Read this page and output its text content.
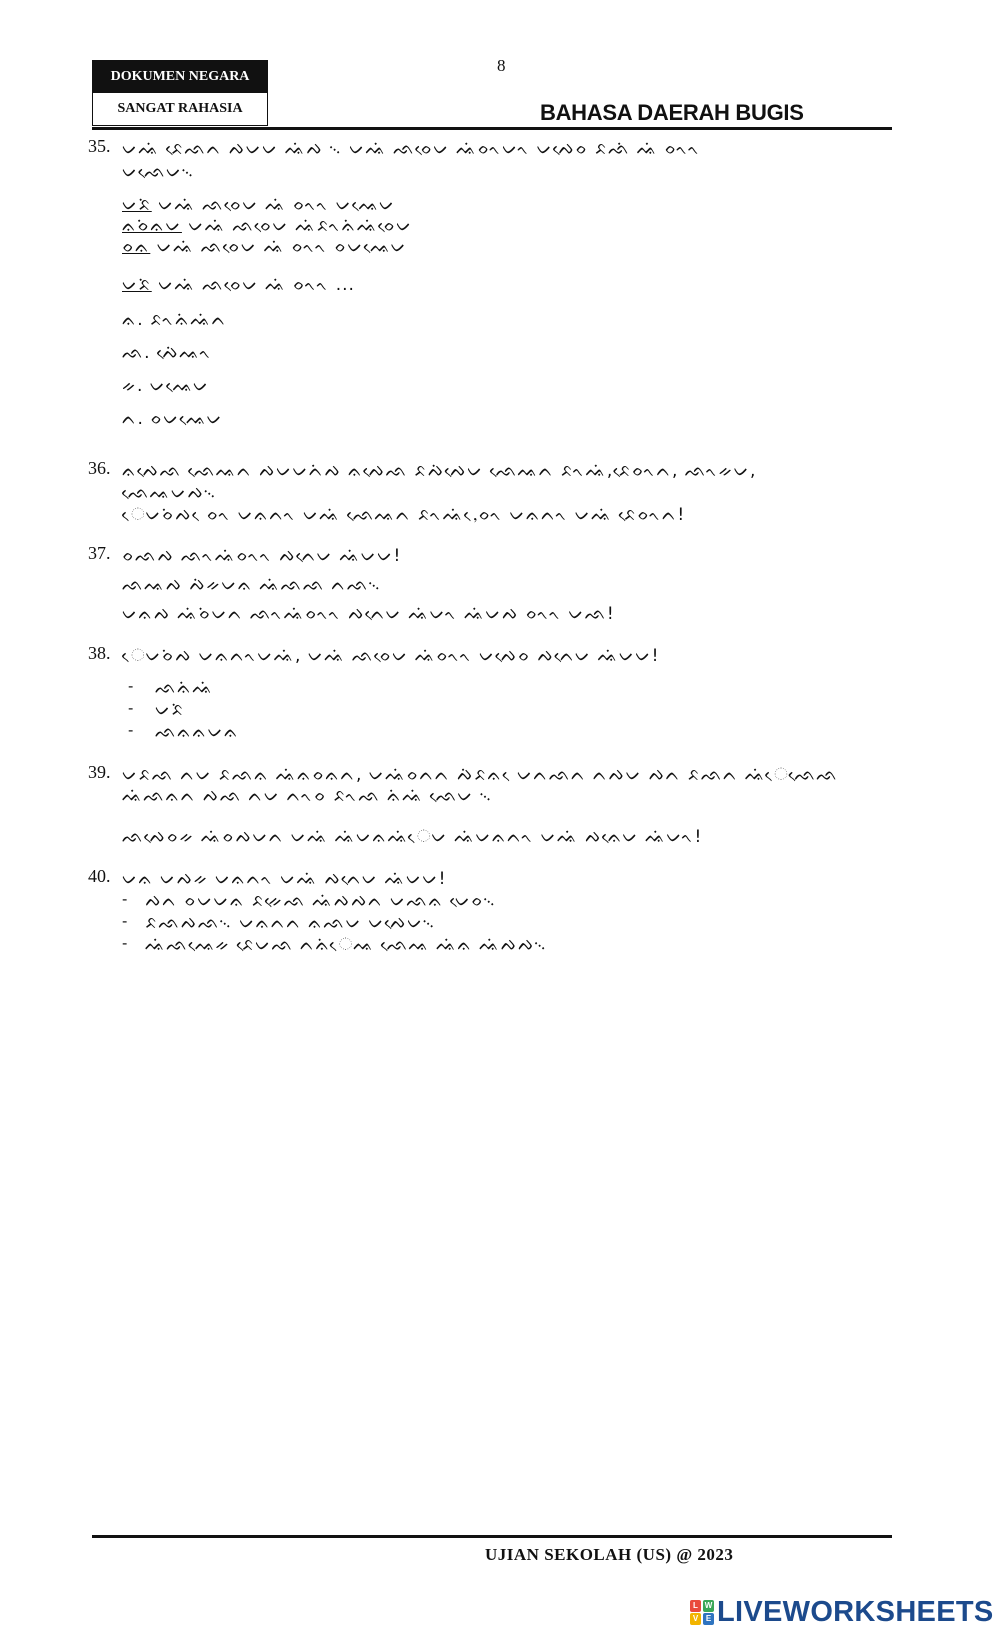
8
DOKUMEN NEGARA
SANGAT RAHASIA	BAHASA DAERAH BUGIS
35. ᨆᨕᨗ ᨅᨙᨒᨈ ᨄᨆᨆ ᨕᨗᨄ ᨞ ᨆᨕᨗ ᨒᨔᨙᨆ ᨕᨗᨔᨚᨆᨚ ᨆᨄᨙᨔ ᨅᨒᨗ ᨕᨗ ᨔᨚᨚ
ᨆᨒᨙᨆ᨞
ᨆᨅᨗ ᨆᨕᨗ ᨒᨔᨙᨆ ᨕᨗ ᨔᨚᨚ ᨆᨕᨙᨆ
ᨊᨔᨗᨊᨆ ᨆᨕᨗ ᨒᨔᨙᨆ ᨕᨗᨅᨚᨊᨗᨕᨗᨔᨙᨆ
ᨔᨊ ᨆᨕᨗ ᨒᨔᨙᨆ ᨕᨗ ᨔᨚᨚ ᨔᨆᨕᨙᨆ
ᨆᨅᨗ ᨆᨕᨗ ᨒᨔᨙᨆ ᨕᨗ ᨔᨚᨚ ...
ᨊ. ᨅᨚᨊᨗᨕᨗᨈ
ᨒ. ᨄᨙᨗᨕᨚ
ᨀ. ᨆᨕᨙᨆ
ᨈ. ᨔᨆᨕᨙᨆ
36. ᨊᨄᨙᨒ ᨒᨙᨕᨈ ᨄᨆᨆᨈᨗᨄ ᨊᨄᨙᨒ ᨅᨄᨗᨄᨙᨆ ᨒᨙᨕᨈ ᨅᨚᨕᨗ,ᨅᨙᨔᨚᨈ, ᨒᨚᨀᨆ,
ᨒᨙᨕᨆᨄ᨞
ᨙᨆᨔᨗᨄ ᨙᨔᨚ ᨆᨊᨈᨚ ᨆᨕᨗ ᨒᨙᨕᨈ ᨅᨚᨕᨗ,ᨙᨔᨚ ᨆᨊᨈᨚ ᨆᨕᨗ ᨅᨙᨔᨚᨈ!
37. ᨔᨒᨄ ᨒᨚᨕᨗᨔᨚᨚ ᨄᨈᨙᨆ ᨕᨗᨆᨆ!
ᨒᨕᨄ ᨄᨗᨀᨆᨊ ᨕᨗᨒᨒ ᨈᨒ᨞
ᨆᨊᨄ ᨕᨗᨔᨗᨆᨈ ᨒᨚᨕᨗᨔᨚᨚ ᨄᨈᨙᨆ ᨕᨗᨆᨚ ᨕᨗᨆᨄ ᨔᨚᨚ ᨆᨒ!
38. ᨙᨆᨔᨗᨄ ᨆᨊᨈᨚᨆᨕᨗ, ᨆᨕᨗ ᨒᨔᨙᨆ ᨕᨗᨔᨚᨚ ᨆᨄᨙᨔ ᨄᨈᨙᨆ ᨕᨗᨆᨆ!
- ᨒᨊᨗᨕᨗ
- ᨆᨅᨗ
- ᨒᨊᨊᨆᨊ
39. ᨆᨅᨒ ᨈᨆ ᨅᨒᨊ ᨕᨗᨊᨔᨊᨈ, ᨆᨕᨗᨔᨈᨈ ᨄᨗᨅᨊ ᨙᨆᨈᨒᨈ ᨈᨄᨆ ᨄᨈ ᨅᨒᨈ ᨕᨗᨙᨒᨙᨒ
ᨕᨗᨒᨊᨈ ᨄᨒ ᨈᨆ ᨈᨚᨔ ᨅᨚᨒ ᨊᨗᨕᨗ ᨒᨙᨆ ᨞
ᨒᨄᨙᨔᨀ ᨕᨗᨔᨄᨆᨈ ᨆᨕᨗ ᨕᨗᨆᨊᨕᨗᨙᨆ ᨕᨗᨆᨊᨈᨚ ᨆᨕᨗ ᨄᨊᨙᨆ ᨕᨗᨆᨚ!
40. ᨆᨊ ᨆᨄᨀ ᨆᨊᨈᨚ ᨆᨕᨗ ᨄᨈᨙᨆ ᨕᨗᨆᨆ!
- ᨄᨈ ᨔᨆᨆᨊ ᨅᨀᨙᨒ ᨕᨗᨄᨄᨈ ᨆᨒᨊ ᨆᨙᨔ᨞
- ᨅᨒᨄᨒ᨞ ᨆᨊᨈᨈ ᨊᨒᨆ ᨆᨄᨙᨆ᨞
- ᨕᨗᨒᨕᨙᨀ ᨅᨙᨆᨒ ᨈᨊᨗᨙᨕ ᨒᨙᨕ ᨕᨗᨊ ᨕᨗᨄᨄ᨞
UJIAN SEKOLAH (US) @ 2023
L W
V E LIVEWORKSHEETS
